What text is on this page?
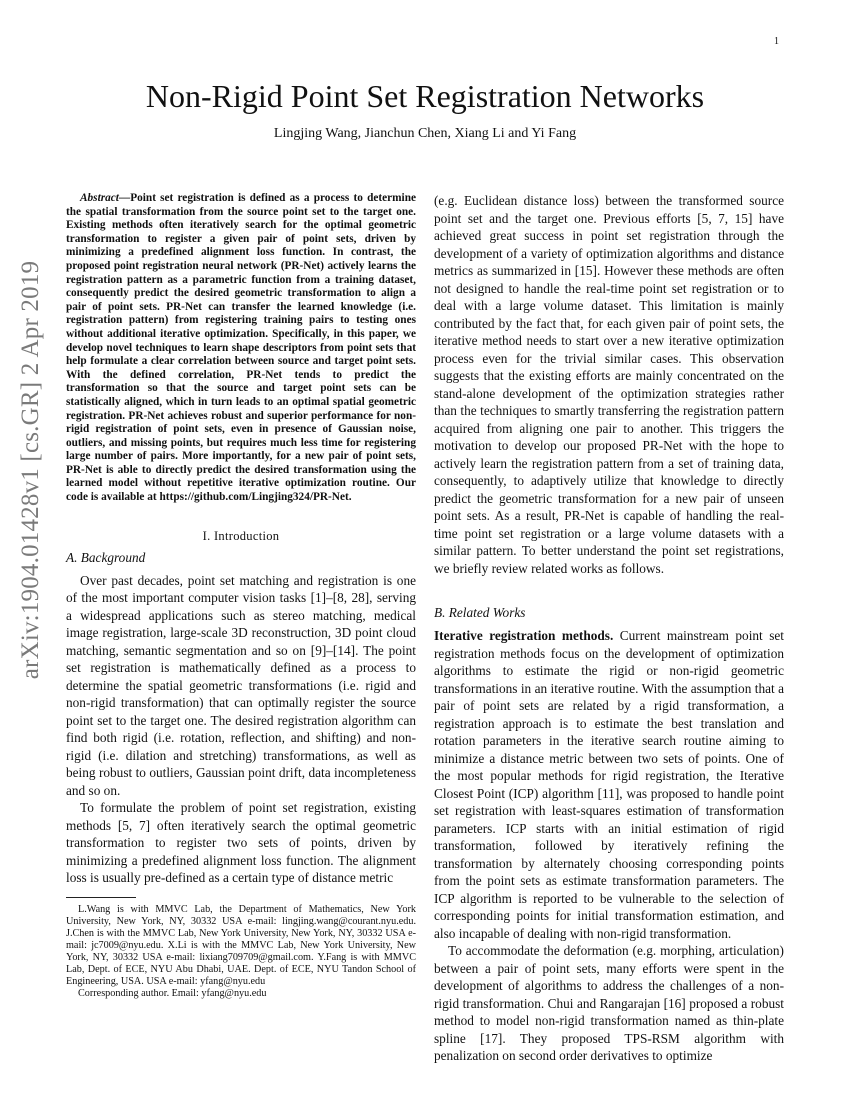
1
arXiv:1904.01428v1 [cs.GR] 2 Apr 2019
Non-Rigid Point Set Registration Networks
Lingjing Wang, Jianchun Chen, Xiang Li and Yi Fang

Abstract—Point set registration is defined as a process to determine the spatial transformation from the source point set to the target one. Existing methods often iteratively search for the optimal geometric transformation to register a given pair of point sets, driven by minimizing a predefined alignment loss function. In contrast, the proposed point registration neural network (PR-Net) actively learns the registration pattern as a parametric function from a training dataset, consequently predict the desired geometric transformation to align a pair of point sets. PR-Net can transfer the learned knowledge (i.e. registration pattern) from registering training pairs to testing ones without additional iterative optimization. Specifically, in this paper, we develop novel techniques to learn shape descriptors from point sets that help formulate a clear correlation between source and target point sets. With the defined correlation, PR-Net tends to predict the transformation so that the source and target point sets can be statistically aligned, which in turn leads to an optimal spatial geometric registration. PR-Net achieves robust and superior performance for non-rigid registration of point sets, even in presence of Gaussian noise, outliers, and missing points, but requires much less time for registering large number of pairs. More importantly, for a new pair of point sets, PR-Net is able to directly predict the desired transformation using the learned model without repetitive iterative optimization routine. Our code is available at https://github.com/Lingjing324/PR-Net.

I. Introduction
A. Background

Over past decades, point set matching and registration is one of the most important computer vision tasks [1]–[8, 28], serving a widespread applications such as stereo matching, medical image registration, large-scale 3D reconstruction, 3D point cloud matching, semantic segmentation and so on [9]–[14]. The point set registration is mathematically defined as a process to determine the spatial geometric transformations (i.e. rigid and non-rigid transformation) that can optimally register the source point set to the target one. The desired registration algorithm can find both rigid (i.e. rotation, reflection, and shifting) and non-rigid (i.e. dilation and stretching) transformations, as well as being robust to outliers, Gaussian point drift, data incompleteness and so on.

To formulate the problem of point set registration, existing methods [5, 7] often iteratively search the optimal geometric transformation to register two sets of points, driven by minimizing a predefined alignment loss function. The alignment loss is usually pre-defined as a certain type of distance metric

L.Wang is with MMVC Lab, the Department of Mathematics, New York University, New York, NY, 30332 USA e-mail: lingjing.wang@courant.nyu.edu. J.Chen is with the MMVC Lab, New York University, New York, NY, 30332 USA e-mail: jc7009@nyu.edu. X.Li is with the MMVC Lab, New York University, New York, NY, 30332 USA e-mail: lixiang709709@gmail.com. Y.Fang is with MMVC Lab, Dept. of ECE, NYU Abu Dhabi, UAE. Dept. of ECE, NYU Tandon School of Engineering, USA. USA e-mail: yfang@nyu.edu

Corresponding author. Email: yfang@nyu.edu

(e.g. Euclidean distance loss) between the transformed source point set and the target one. Previous efforts [5, 7, 15] have achieved great success in point set registration through the development of a variety of optimization algorithms and distance metrics as summarized in [15]. However these methods are often not designed to handle the real-time point set registration or to deal with a large volume dataset. This limitation is mainly contributed by the fact that, for each given pair of point sets, the iterative method needs to start over a new iterative optimization process even for the trivial similar cases. This observation suggests that the existing efforts are mainly concentrated on the stand-alone development of the optimization strategies rather than the techniques to smartly transferring the registration pattern acquired from aligning one pair to another. This triggers the motivation to develop our proposed PR-Net with the hope to actively learn the registration pattern from a set of training data, consequently, to adaptively utilize that knowledge to directly predict the geometric transformation for a new pair of unseen point sets. As a result, PR-Net is capable of handling the real-time point set registration or a large volume datasets with a similar pattern. To better understand the point set registrations, we briefly review related works as follows.

B. Related Works

Iterative registration methods. Current mainstream point set registration methods focus on the development of optimization algorithms to estimate the rigid or non-rigid geometric transformations in an iterative routine. With the assumption that a pair of point sets are related by a rigid transformation, a registration approach is to estimate the best translation and rotation parameters in the iterative search routine aiming to minimize a distance metric between two sets of points. One of the most popular methods for rigid registration, the Iterative Closest Point (ICP) algorithm [11], was proposed to handle point set registration with least-squares estimation of transformation parameters. ICP starts with an initial estimation of rigid transformation, followed by iteratively refining the transformation by alternately choosing corresponding points from the point sets as estimate transformation parameters. The ICP algorithm is reported to be vulnerable to the selection of corresponding points for initial transformation estimation, and also incapable of dealing with non-rigid transformation.

To accommodate the deformation (e.g. morphing, articulation) between a pair of point sets, many efforts were spent in the development of algorithms to address the challenges of a non-rigid transformation. Chui and Rangarajan [16] proposed a robust method to model non-rigid transformation named as thin-plate spline [17]. They proposed TPS-RSM algorithm with penalization on second order derivatives to optimize
